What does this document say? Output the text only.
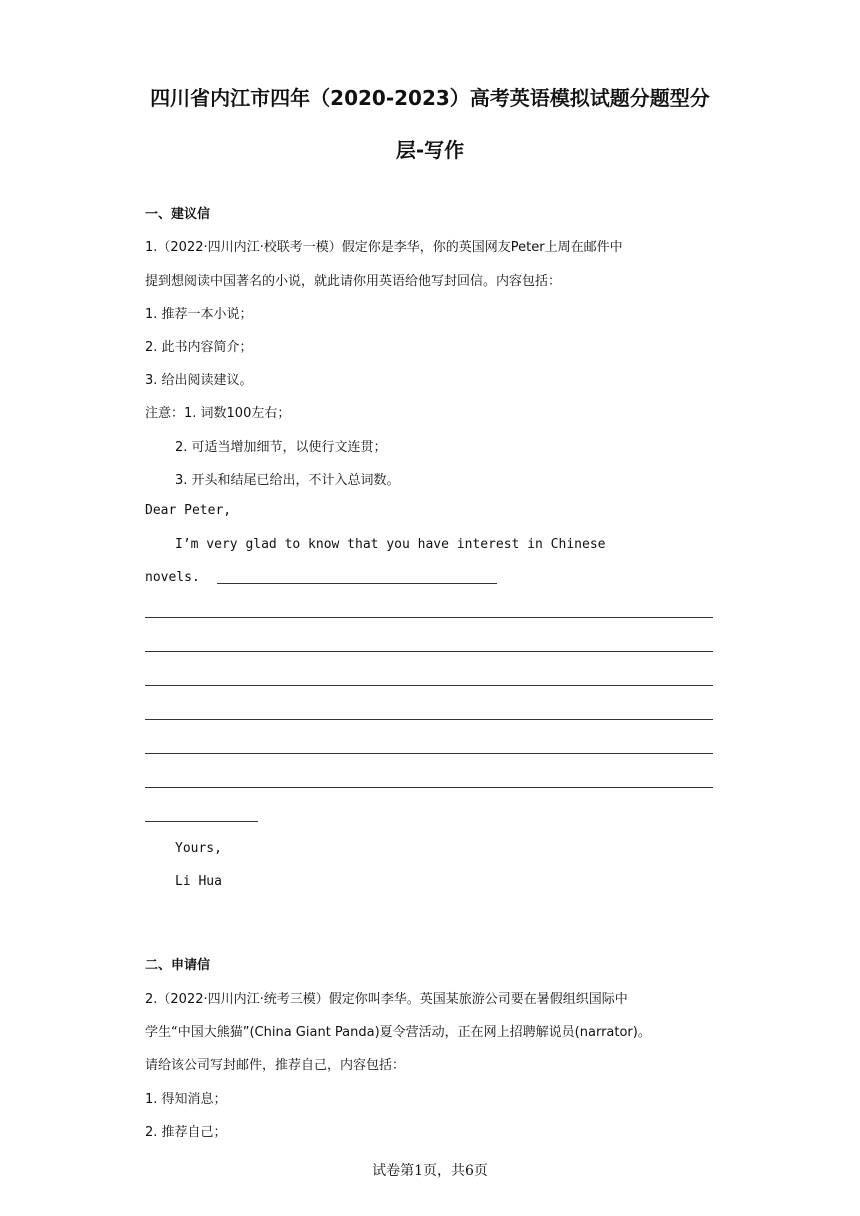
四川省内江市四年（2020-2023）高考英语模拟试题分题型分
层-写作
一、建议信
1.（2022·四川内江·校联考一模）假定你是李华，你的英国网友Peter上周在邮件中
提到想阅读中国著名的小说，就此请你用英语给他写封回信。内容包括：
1. 推荐一本小说；
2. 此书内容简介；
3. 给出阅读建议。
注意：1. 词数100左右；
2. 可适当增加细节，以使行文连贯；
3. 开头和结尾已给出，不计入总词数。
Dear Peter,
I’m very glad to know that you have interest in Chinese
novels.
Yours,
Li Hua
二、申请信
2.（2022·四川内江·统考三模）假定你叫李华。英国某旅游公司要在暑假组织国际中
学生“中国大熊猫”(China Giant Panda)夏令营活动，正在网上招聘解说员(narrator)。
请给该公司写封邮件，推荐自己，内容包括：
1. 得知消息；
2. 推荐自己；
试卷第1页，共6页
